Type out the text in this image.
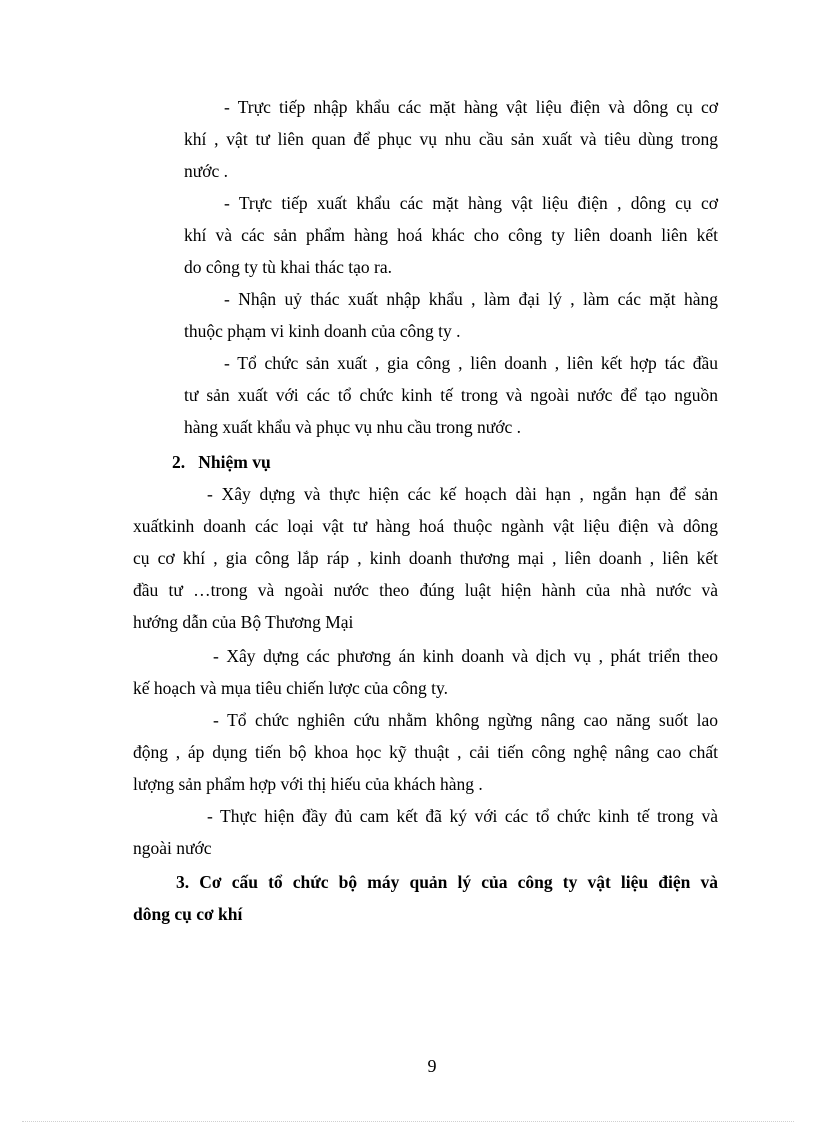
- Trực tiếp nhập khẩu các mặt hàng vật liệu điện và dông cụ cơ
khí , vật tư liên quan để phục vụ nhu cầu sản xuất và tiêu dùng trong
nước .
- Trực tiếp xuất khẩu các mặt hàng vật liệu điện , dông cụ cơ
khí và các sản phẩm hàng hoá khác cho công ty liên doanh liên kết
do công ty tù khai thác tạo ra.
- Nhận uỷ thác xuất nhập khẩu , làm đại lý , làm các mặt hàng
thuộc phạm vi kinh doanh của công ty .
- Tổ chức sản xuất , gia công , liên doanh , liên kết hợp tác đầu
tư sản xuất với các tổ chức kinh tế trong và ngoài nước để tạo nguồn
hàng xuất khẩu và phục vụ nhu cầu trong nước .
2.   Nhiệm vụ
- Xây dựng và thực hiện các kế hoạch dài hạn , ngắn hạn để sản
xuấtkinh doanh các loại vật tư hàng hoá thuộc ngành vật liệu điện và dông
cụ cơ khí , gia công lắp ráp , kinh doanh thương mại , liên doanh , liên kết
đầu tư …trong và ngoài nước theo đúng luật hiện hành của nhà nước và
hướng dẫn của Bộ Thương Mại
- Xây dựng các phương án kinh doanh và dịch vụ , phát triển theo
kế hoạch và mụa tiêu chiến lược của công ty.
- Tổ chức nghiên cứu nhằm không ngừng nâng cao năng suốt lao
động , áp dụng tiến bộ khoa học kỹ thuật , cải tiến công nghệ nâng cao chất
lượng sản phẩm hợp với thị hiếu của khách hàng .
- Thực hiện đầy đủ cam kết đã ký với các tổ chức kinh tế trong và
ngoài nước
3. Cơ cấu tổ chức bộ máy quản lý của công ty vật liệu điện và
dông cụ cơ khí
9
